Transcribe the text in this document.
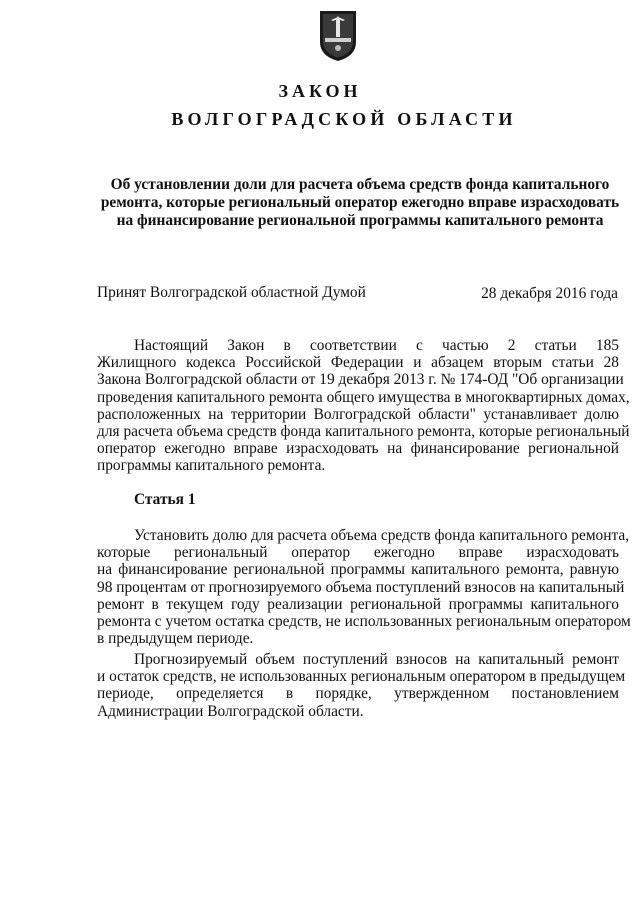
ЗАКОН
ВОЛГОГРАДСКОЙ ОБЛАСТИ
Об установлении доли для расчета объема средств фонда капитального
ремонта, которые региональный оператор ежегодно вправе израсходовать
на финансирование региональной программы капитального ремонта
Принят Волгоградской областной Думой	28 декабря 2016 года
Настоящий Закон в соответствии с частью 2 статьи 185
Жилищного кодекса Российской Федерации и абзацем вторым статьи 28
Закона Волгоградской области от 19 декабря 2013 г. № 174-ОД "Об организации
проведения капитального ремонта общего имущества в многоквартирных домах,
расположенных на территории Волгоградской области" устанавливает долю
для расчета объема средств фонда капитального ремонта, которые региональный
оператор ежегодно вправе израсходовать на финансирование региональной
программы капитального ремонта.
Статья 1
Установить долю для расчета объема средств фонда капитального ремонта,
которые региональный оператор ежегодно вправе израсходовать
на финансирование региональной программы капитального ремонта, равную
98 процентам от прогнозируемого объема поступлений взносов на капитальный
ремонт в текущем году реализации региональной программы капитального
ремонта с учетом остатка средств, не использованных региональным оператором
в предыдущем периоде.
Прогнозируемый объем поступлений взносов на капитальный ремонт
и остаток средств, не использованных региональным оператором в предыдущем
периоде, определяется в порядке, утвержденном постановлением
Администрации Волгоградской области.
